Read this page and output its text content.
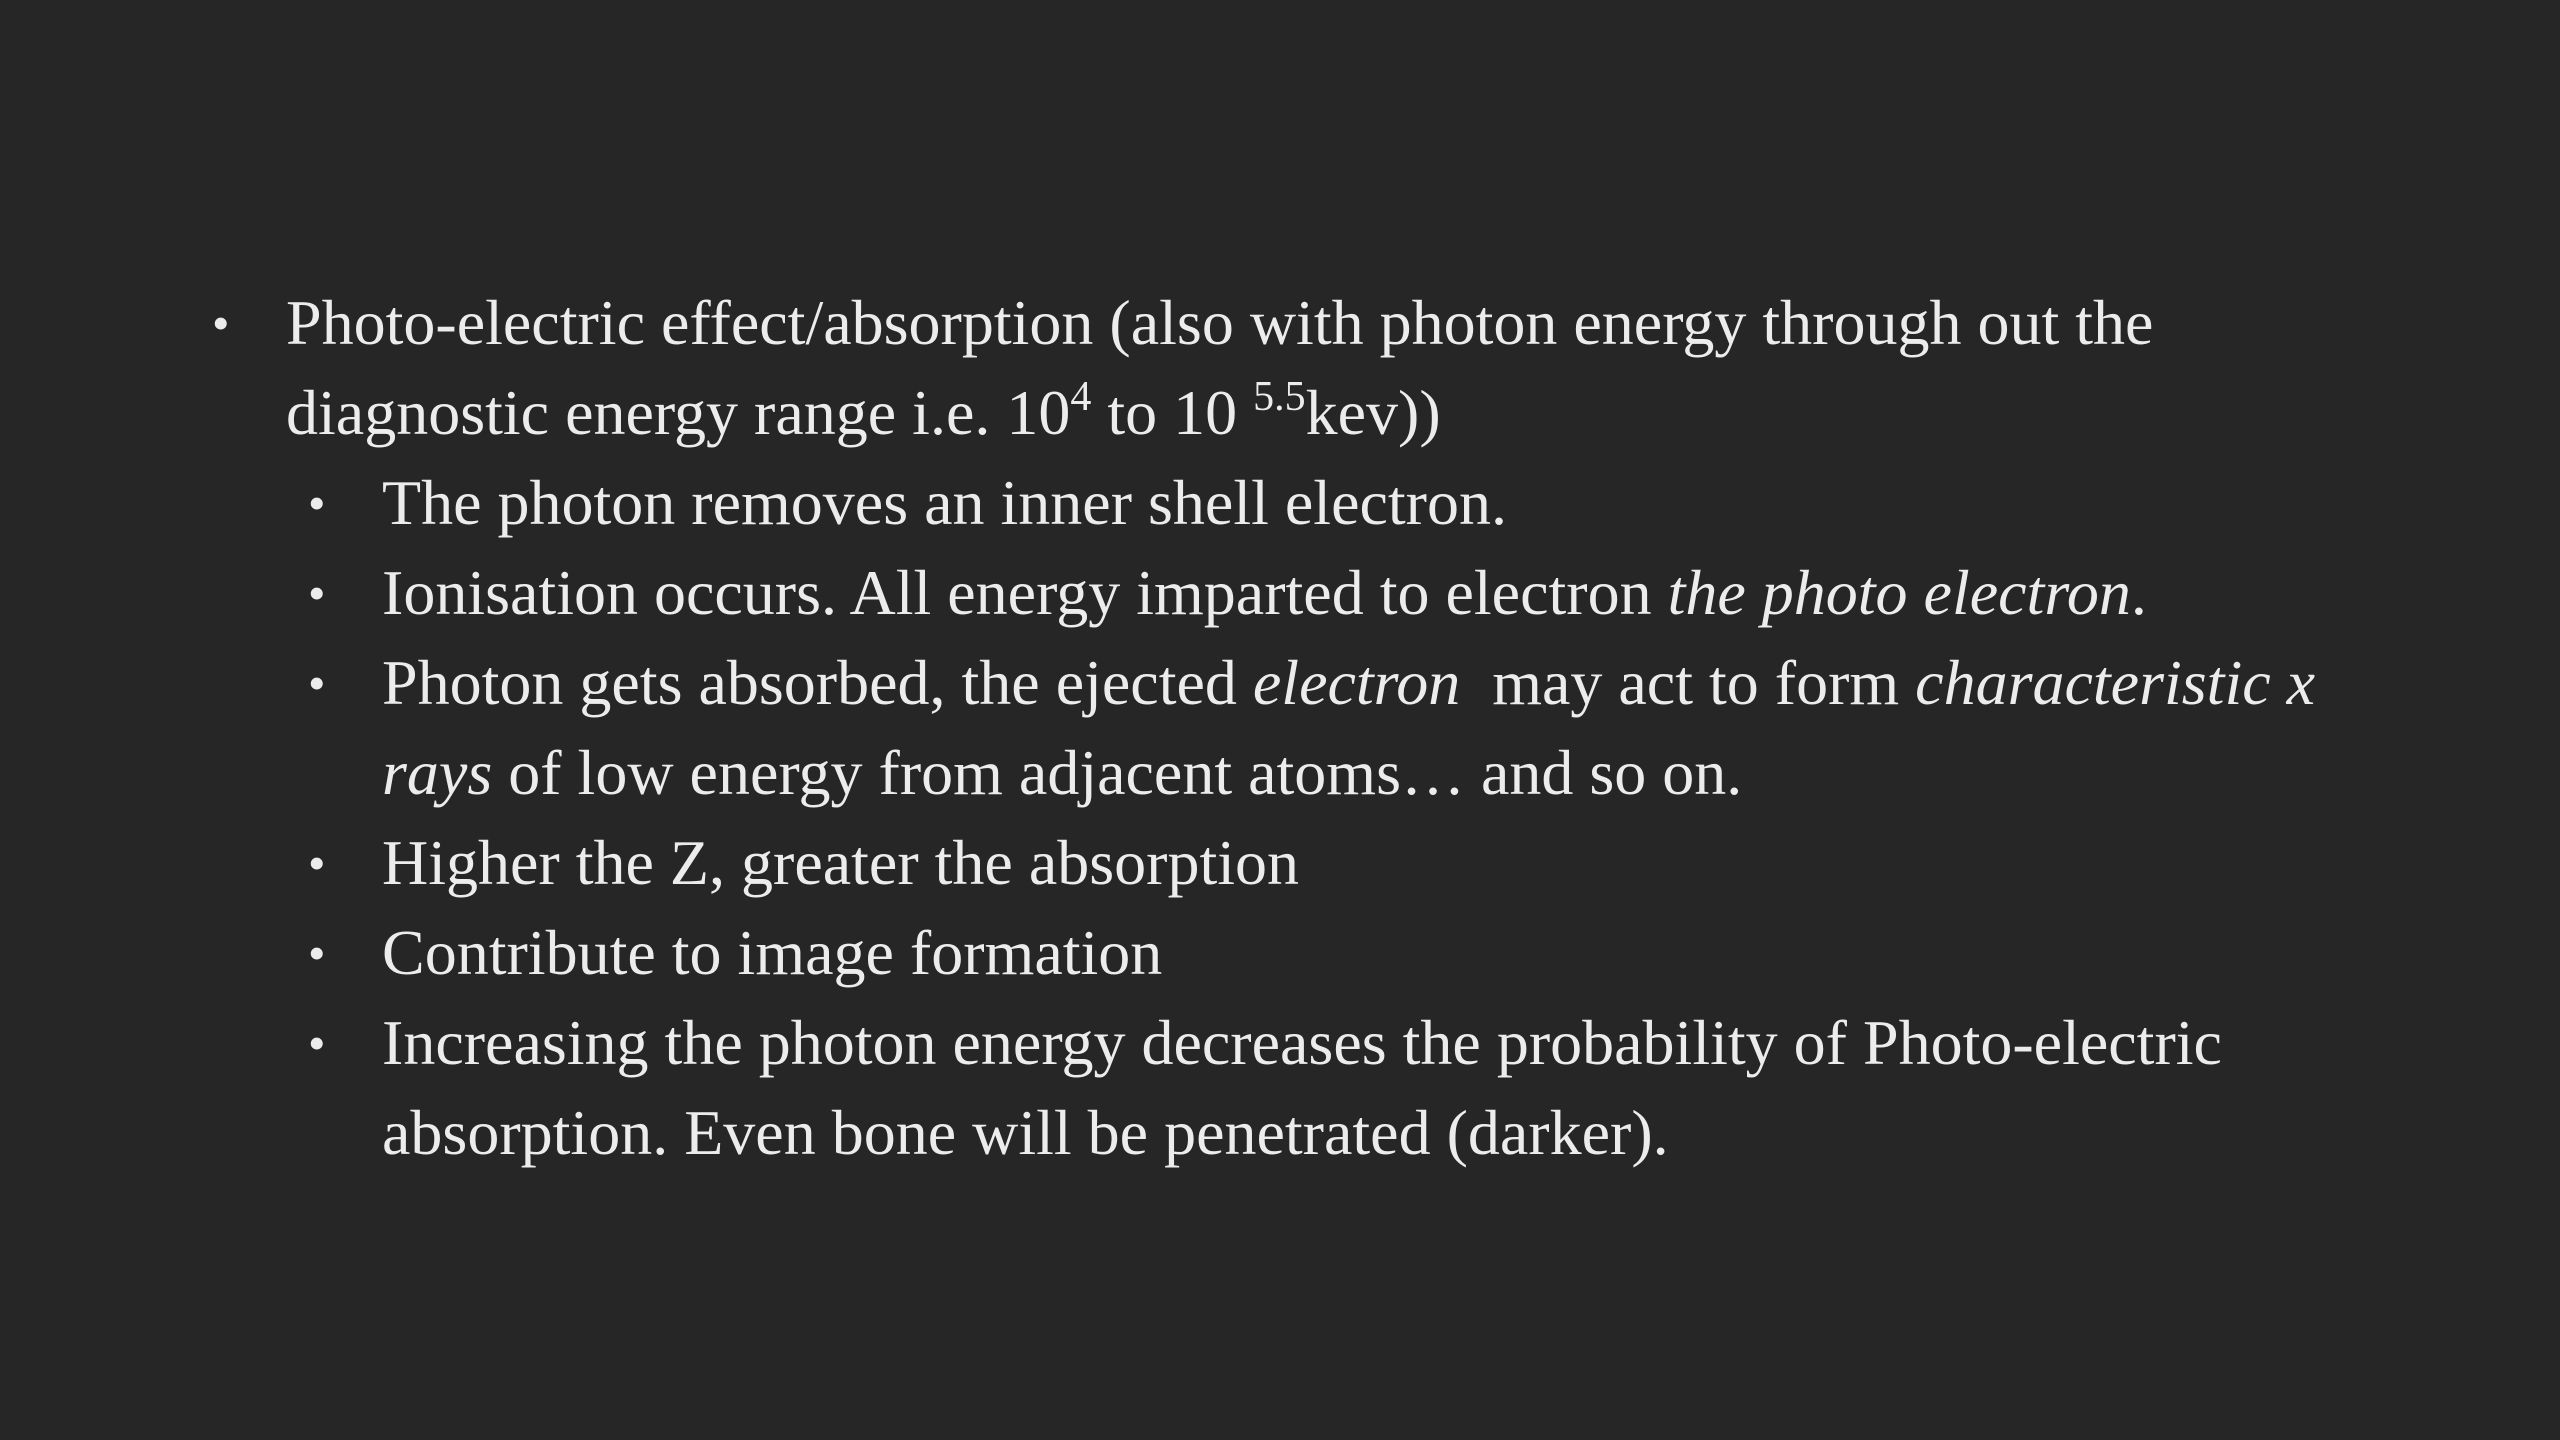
• Photo-electric effect/absorption (also with photon energy through out the diagnostic energy range i.e. $10^4$ to 10 $^{5.5}$kev))
• The photon removes an inner shell electron.
• Ionisation occurs. All energy imparted to electron the photo electron.
• Photon gets absorbed, the ejected electron  may act to form characteristic x rays of low energy from adjacent atoms… and so on.
• Higher the Z, greater the absorption
• Contribute to image formation
• Increasing the photon energy decreases the probability of Photo-electric absorption. Even bone will be penetrated (darker).
